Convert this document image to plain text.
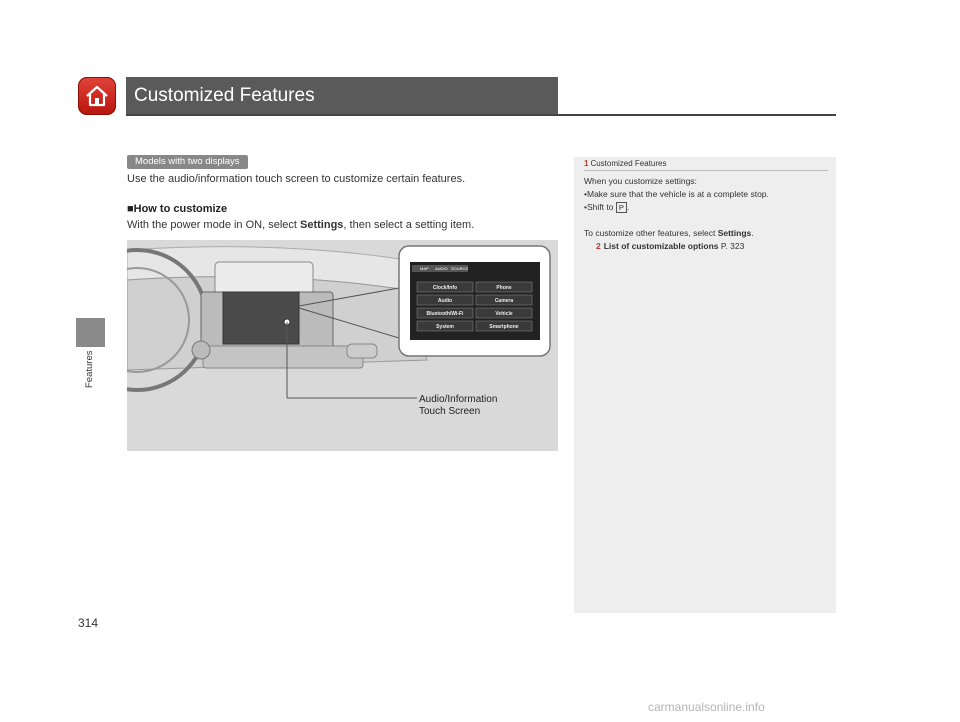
Customized Features
Features
Models with two displays
Use the audio/information touch screen to customize certain features.
■How to customize
With the power mode in ON, select Settings, then select a setting item.
MAP AUDIO SOURCE
Clock/Info	Phone
Audio	Camera
Bluetooth/Wi-Fi	Vehicle
System	Smartphone
Audio/Information
Touch Screen
1 Customized Features
When you customize settings:
•Make sure that the vehicle is at a complete stop.
•Shift to P .
To customize other features, select Settings.
2 List of customizable options P. 323
314
carmanualsonline.info
